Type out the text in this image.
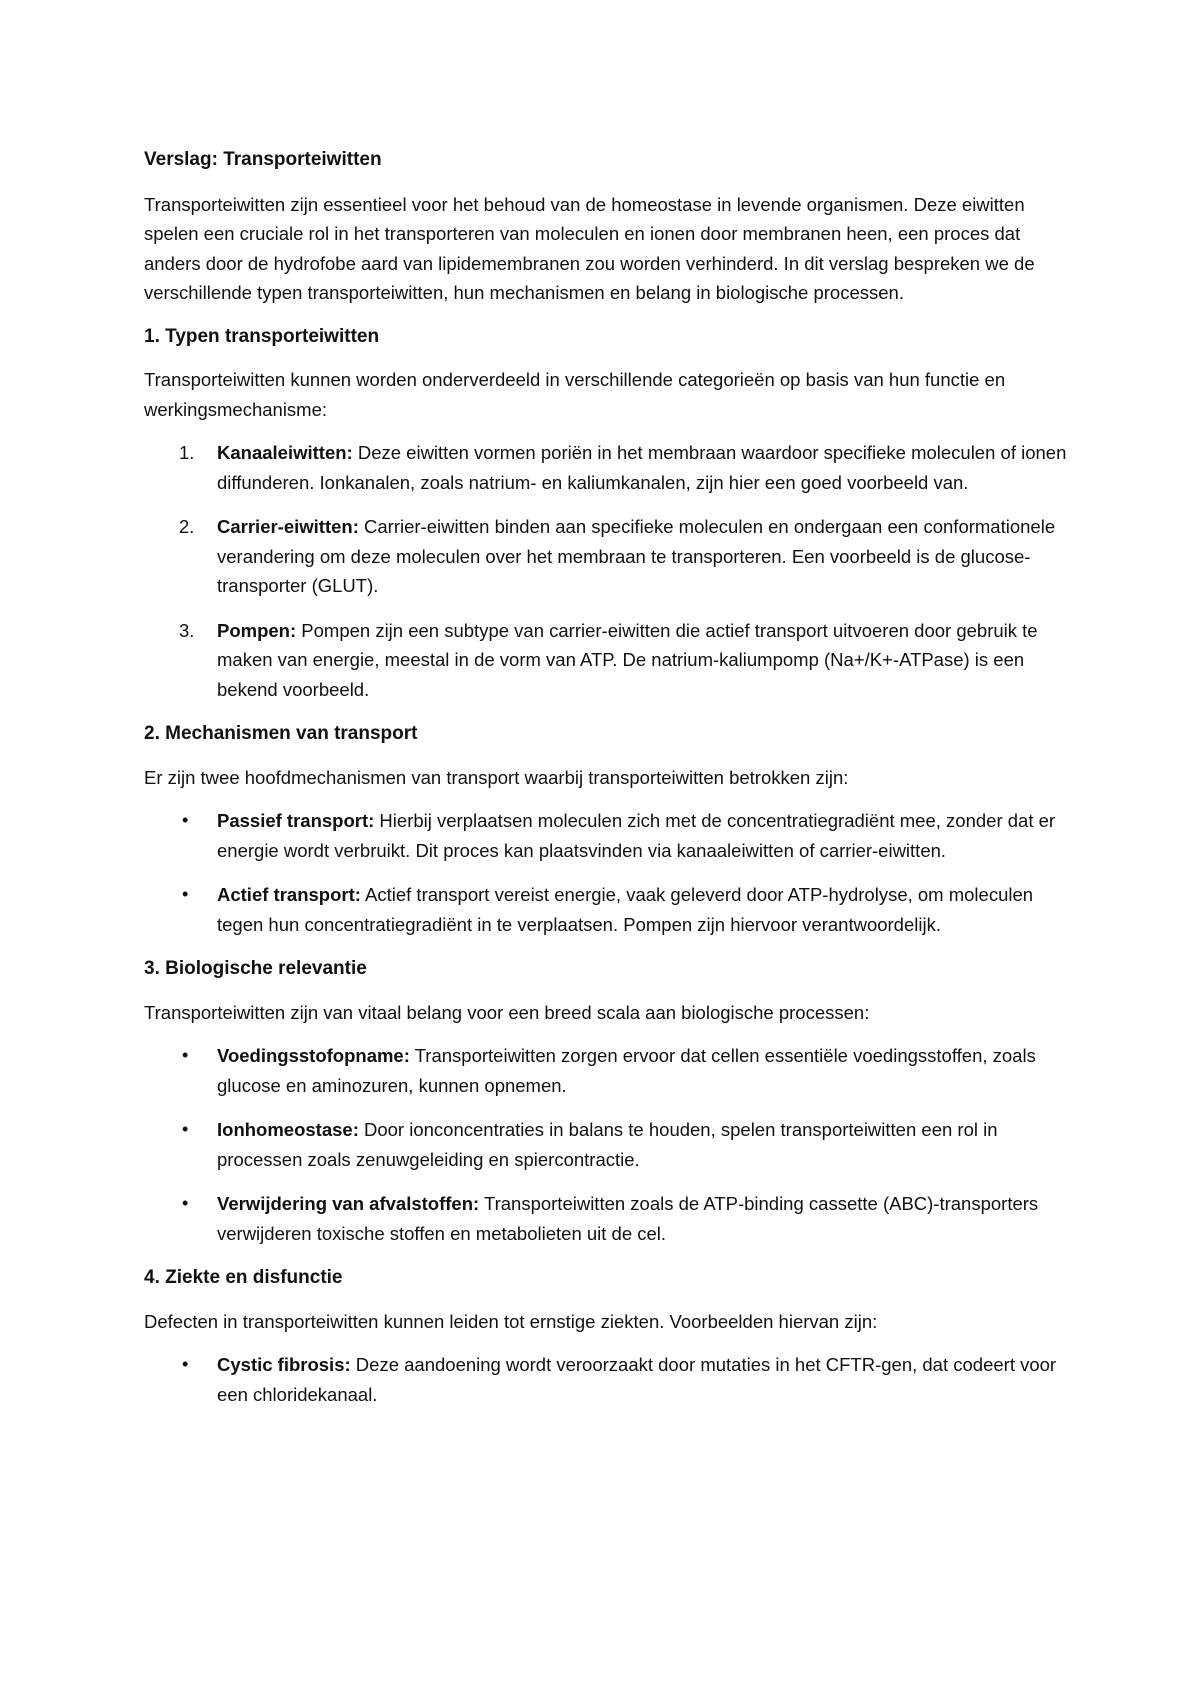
Verslag: Transporteiwitten

Transporteiwitten zijn essentieel voor het behoud van de homeostase in levende organismen. Deze eiwitten spelen een cruciale rol in het transporteren van moleculen en ionen door membranen heen, een proces dat anders door de hydrofobe aard van lipidemembranen zou worden verhinderd. In dit verslag bespreken we de verschillende typen transporteiwitten, hun mechanismen en belang in biologische processen.

1. Typen transporteiwitten

Transporteiwitten kunnen worden onderverdeeld in verschillende categorieën op basis van hun functie en werkingsmechanisme:

1. Kanaaleiwitten: Deze eiwitten vormen poriën in het membraan waardoor specifieke moleculen of ionen diffunderen. Ionkanalen, zoals natrium- en kaliumkanalen, zijn hier een goed voorbeeld van.
2. Carrier-eiwitten: Carrier-eiwitten binden aan specifieke moleculen en ondergaan een conformationele verandering om deze moleculen over het membraan te transporteren. Een voorbeeld is de glucose-transporter (GLUT).
3. Pompen: Pompen zijn een subtype van carrier-eiwitten die actief transport uitvoeren door gebruik te maken van energie, meestal in de vorm van ATP. De natrium-kaliumpomp (Na+/K+-ATPase) is een bekend voorbeeld.
2. Mechanismen van transport

Er zijn twee hoofdmechanismen van transport waarbij transporteiwitten betrokken zijn:

• Passief transport: Hierbij verplaatsen moleculen zich met de concentratiegradiënt mee, zonder dat er energie wordt verbruikt. Dit proces kan plaatsvinden via kanaaleiwitten of carrier-eiwitten.
• Actief transport: Actief transport vereist energie, vaak geleverd door ATP-hydrolyse, om moleculen tegen hun concentratiegradiënt in te verplaatsen. Pompen zijn hiervoor verantwoordelijk.
3. Biologische relevantie

Transporteiwitten zijn van vitaal belang voor een breed scala aan biologische processen:

• Voedingsstofopname: Transporteiwitten zorgen ervoor dat cellen essentiële voedingsstoffen, zoals glucose en aminozuren, kunnen opnemen.
• Ionhomeostase: Door ionconcentraties in balans te houden, spelen transporteiwitten een rol in processen zoals zenuwgeleiding en spiercontractie.
• Verwijdering van afvalstoffen: Transporteiwitten zoals de ATP-binding cassette (ABC)-transporters verwijderen toxische stoffen en metabolieten uit de cel.
4. Ziekte en disfunctie

Defecten in transporteiwitten kunnen leiden tot ernstige ziekten. Voorbeelden hiervan zijn:

• Cystic fibrosis: Deze aandoening wordt veroorzaakt door mutaties in het CFTR-gen, dat codeert voor een chloridekanaal.
